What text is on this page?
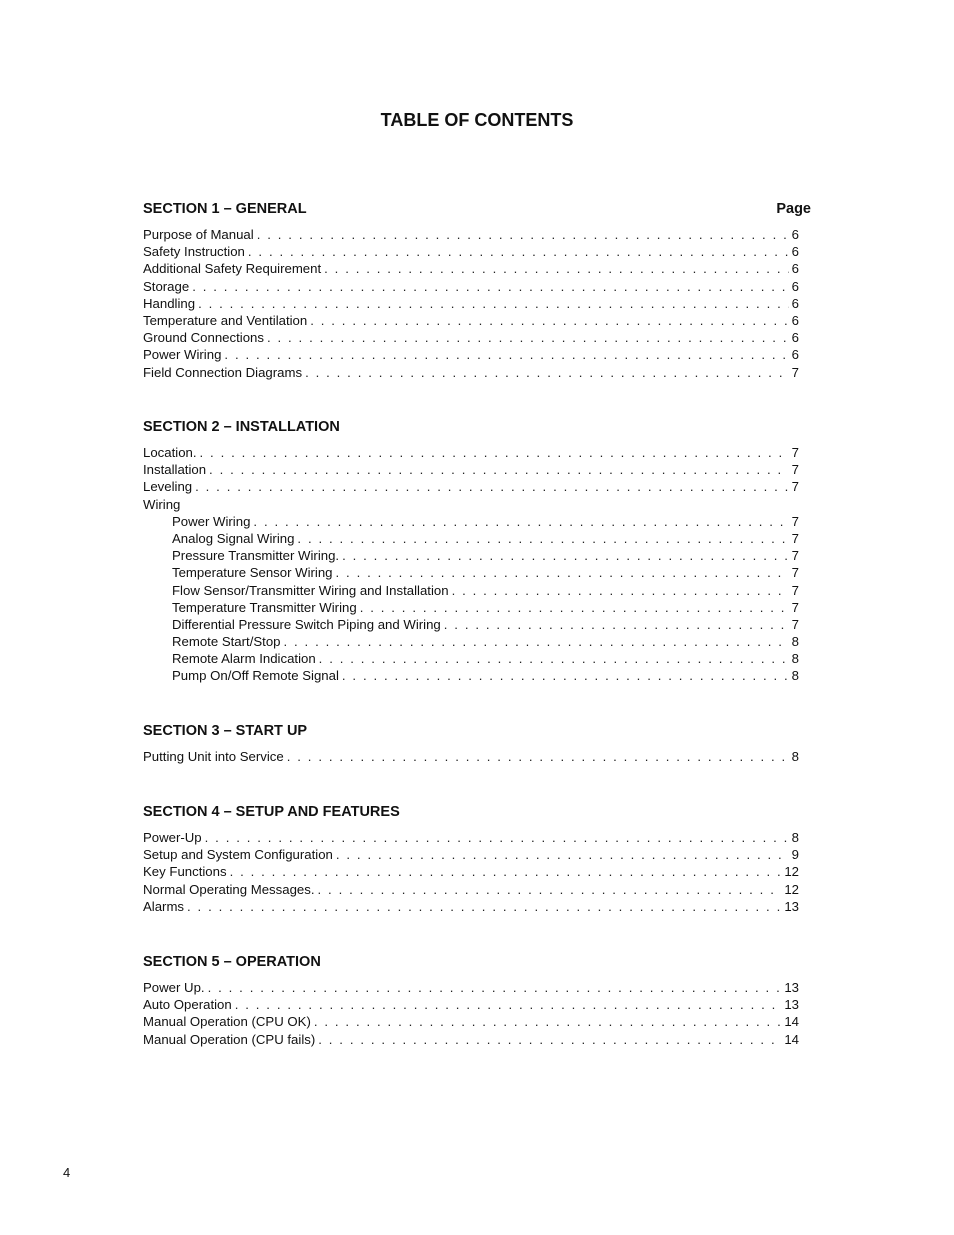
TABLE OF CONTENTS
SECTION 1 – GENERAL	Page
Purpose of Manual . . .	6
Safety Instruction . . .	6
Additional Safety Requirement . . .	6
Storage . . .	6
Handling . . .	6
Temperature and Ventilation . . .	6
Ground Connections . . .	6
Power Wiring . . .	6
Field Connection Diagrams . . .	7
SECTION 2 – INSTALLATION
Location. . . .	7
Installation . . .	7
Leveling . . .	7
Wiring
Power Wiring . . .	7
Analog Signal Wiring . . .	7
Pressure Transmitter Wiring. . . .	7
Temperature Sensor Wiring . . .	7
Flow Sensor/Transmitter Wiring and Installation . . .	7
Temperature Transmitter Wiring . . .	7
Differential Pressure Switch Piping and Wiring . . .	7
Remote Start/Stop . . .	8
Remote Alarm Indication . . .	8
Pump On/Off Remote Signal . . .	8
SECTION 3 – START UP
Putting Unit into Service . . .	8
SECTION 4 – SETUP AND FEATURES
Power-Up . . .	8
Setup and System Configuration . . .	9
Key Functions . . .	12
Normal Operating Messages. . . .	12
Alarms . . .	13
SECTION 5 – OPERATION
Power Up. . . .	13
Auto Operation . . .	13
Manual Operation (CPU OK) . . .	14
Manual Operation (CPU fails) . . .	14
4
